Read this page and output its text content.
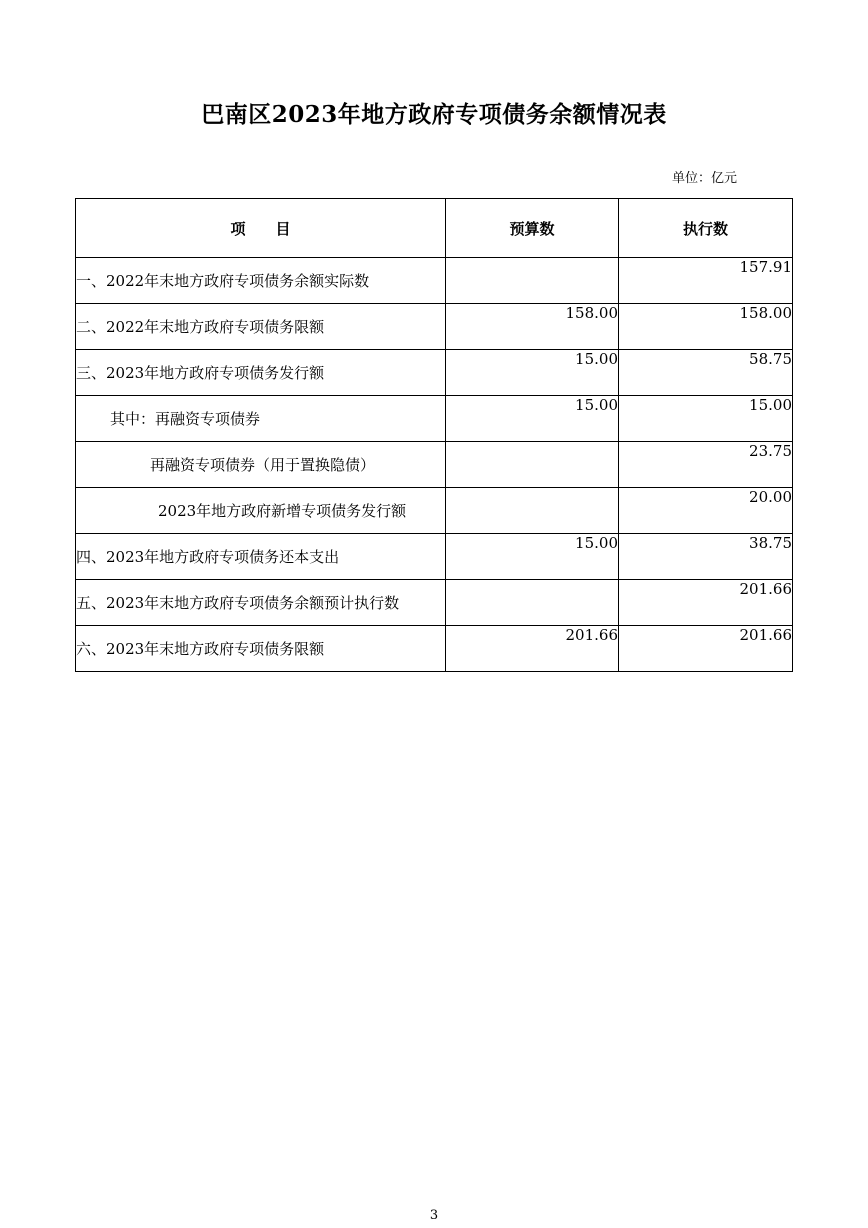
巴南区2023年地方政府专项债务余额情况表
单位：亿元
项　　目	预算数	执行数
一、2022年末地方政府专项债务余额实际数		157.91
二、2022年末地方政府专项债务限额	158.00	158.00
三、2023年地方政府专项债务发行额	15.00	58.75
其中：再融资专项债券	15.00	15.00
再融资专项债券（用于置换隐债）		23.75
2023年地方政府新增专项债务发行额		20.00
四、2023年地方政府专项债务还本支出	15.00	38.75
五、2023年末地方政府专项债务余额预计执行数		201.66
六、2023年末地方政府专项债务限额	201.66	201.66
3
